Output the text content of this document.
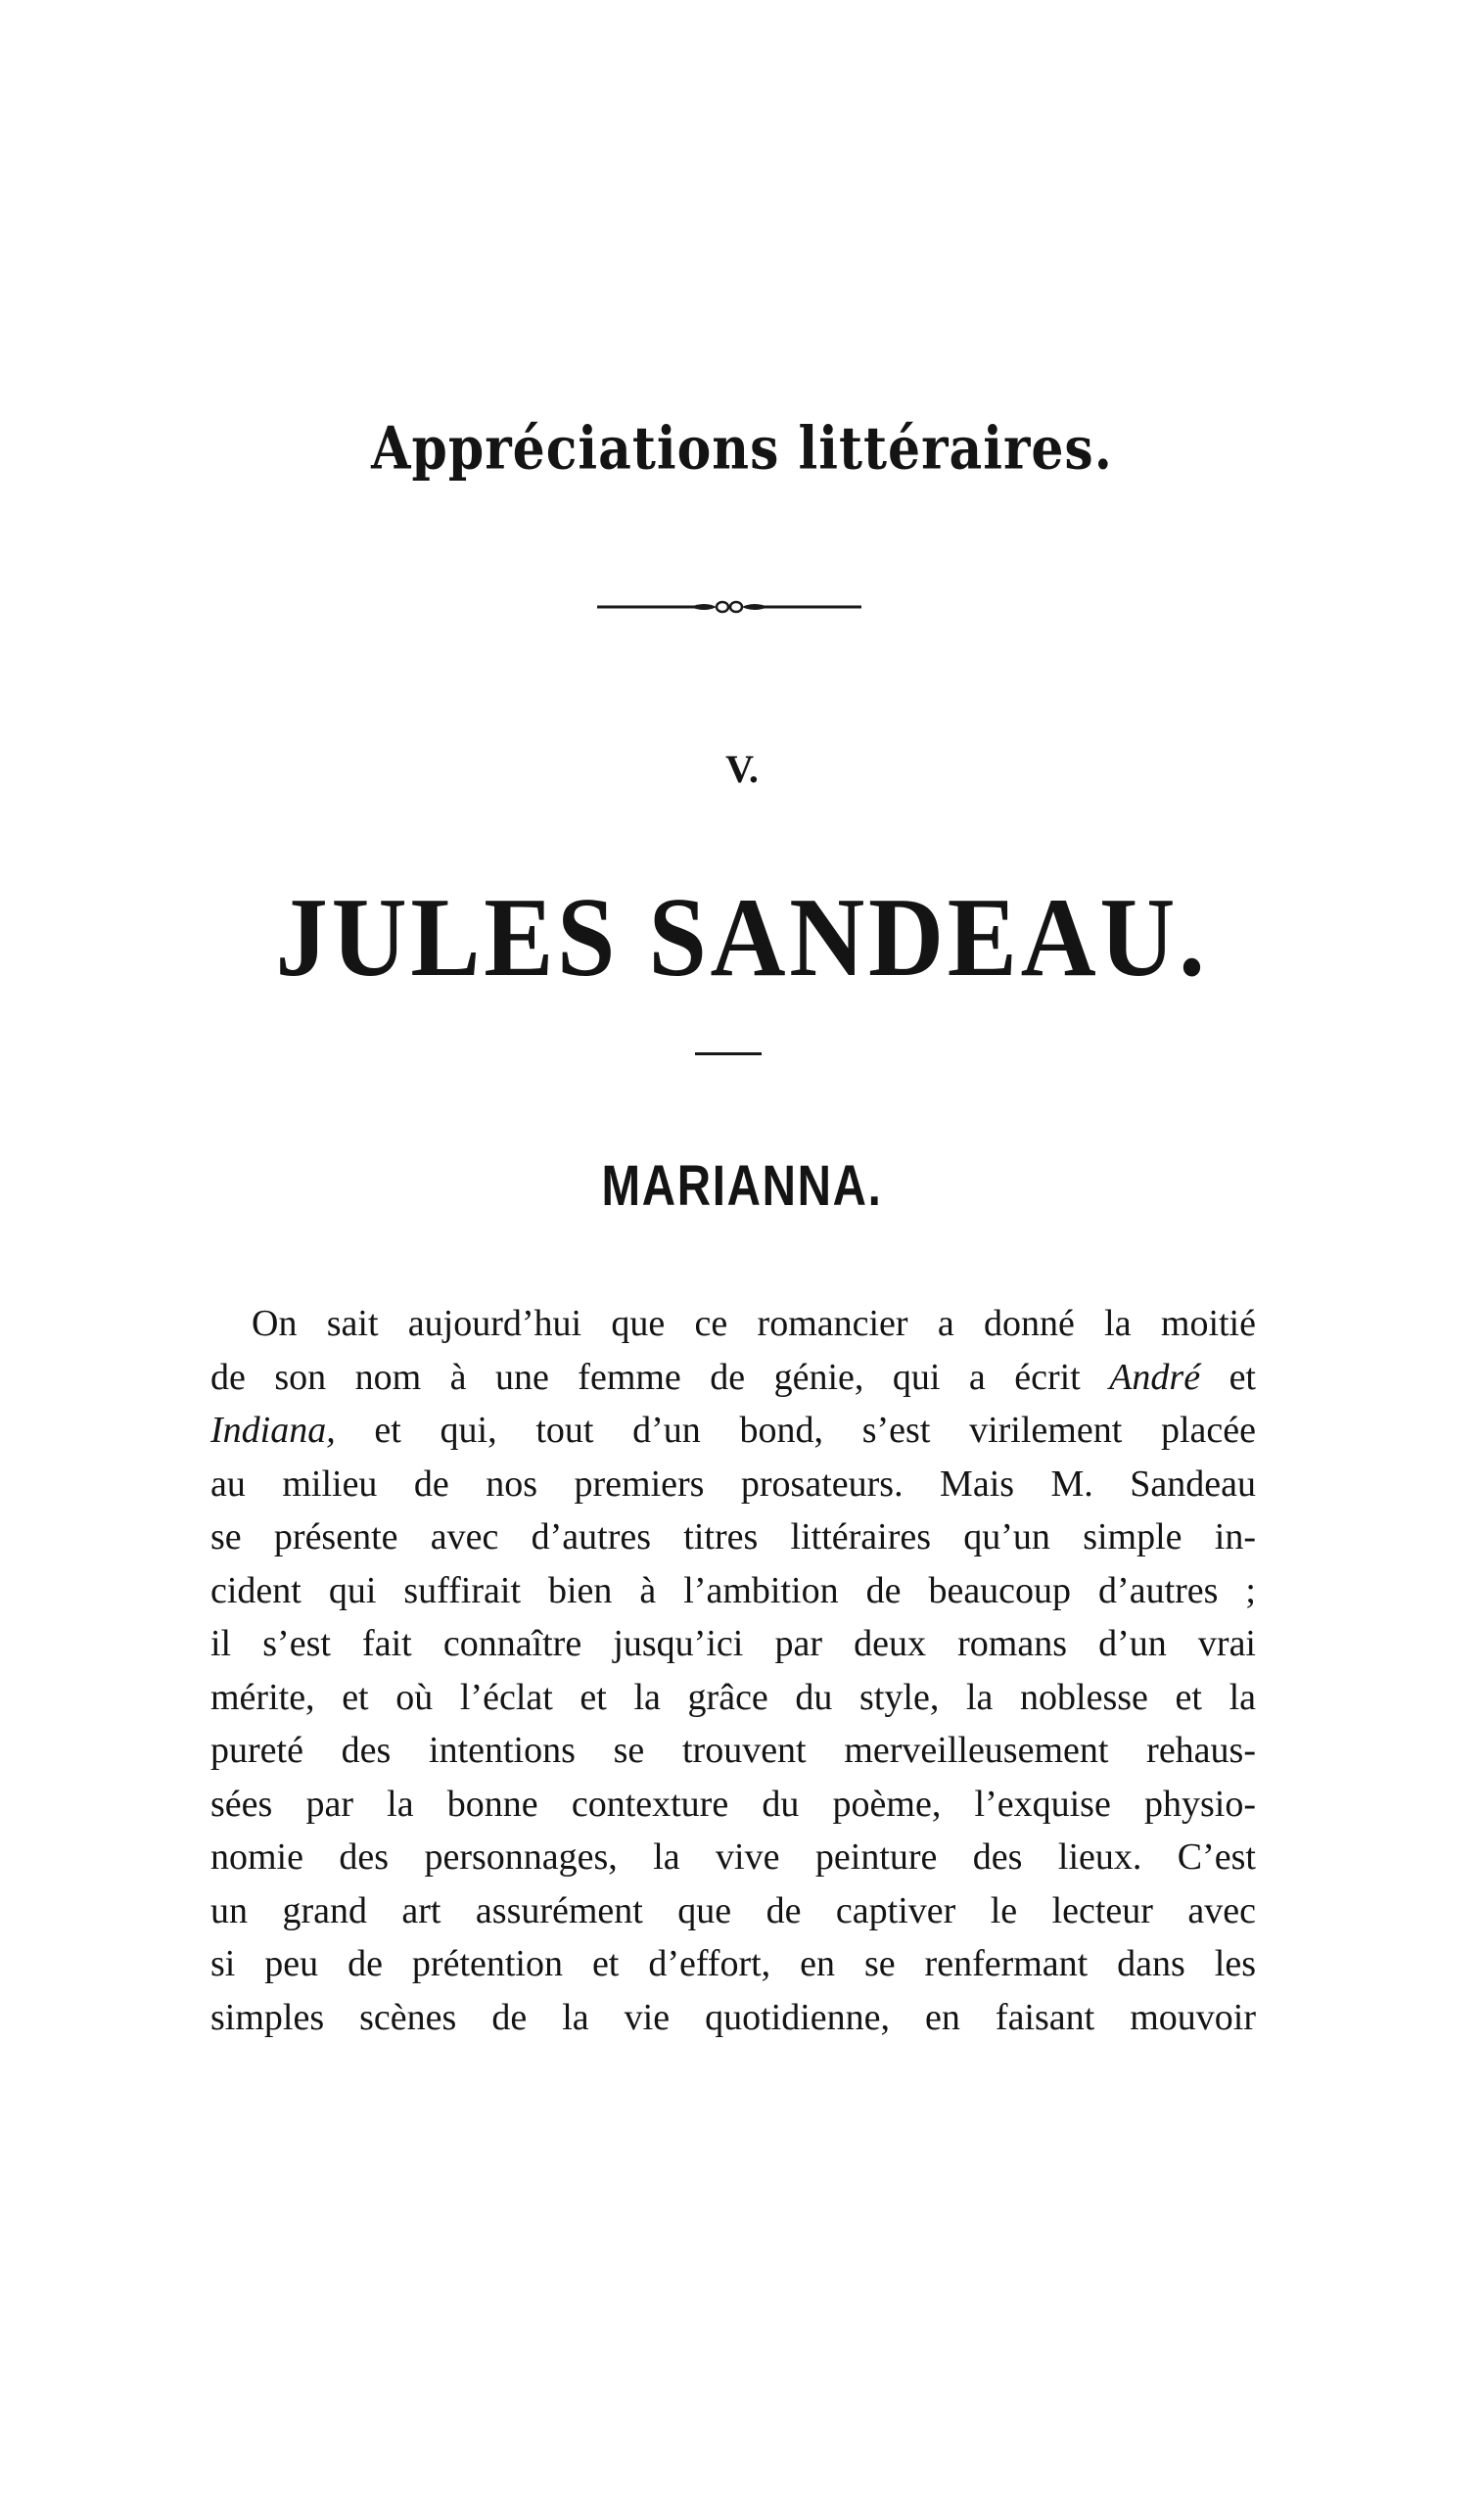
Appréciations littéraires.
V.
JULES SANDEAU.
MARIANNA.
On sait aujourd’hui que ce romancier a donné la moitié
de son nom à une femme de génie, qui a écrit André et
Indiana, et qui, tout d’un bond, s’est virilement placée
au milieu de nos premiers prosateurs. Mais M. Sandeau
se présente avec d’autres titres littéraires qu’un simple in-
cident qui suffirait bien à l’ambition de beaucoup d’autres ;
il s’est fait connaître jusqu’ici par deux romans d’un vrai
mérite, et où l’éclat et la grâce du style, la noblesse et la
pureté des intentions se trouvent merveilleusement rehaus-
sées par la bonne contexture du poème, l’exquise physio-
nomie des personnages, la vive peinture des lieux. C’est
un grand art assurément que de captiver le lecteur avec
si peu de prétention et d’effort, en se renfermant dans les
simples scènes de la vie quotidienne, en faisant mouvoir
